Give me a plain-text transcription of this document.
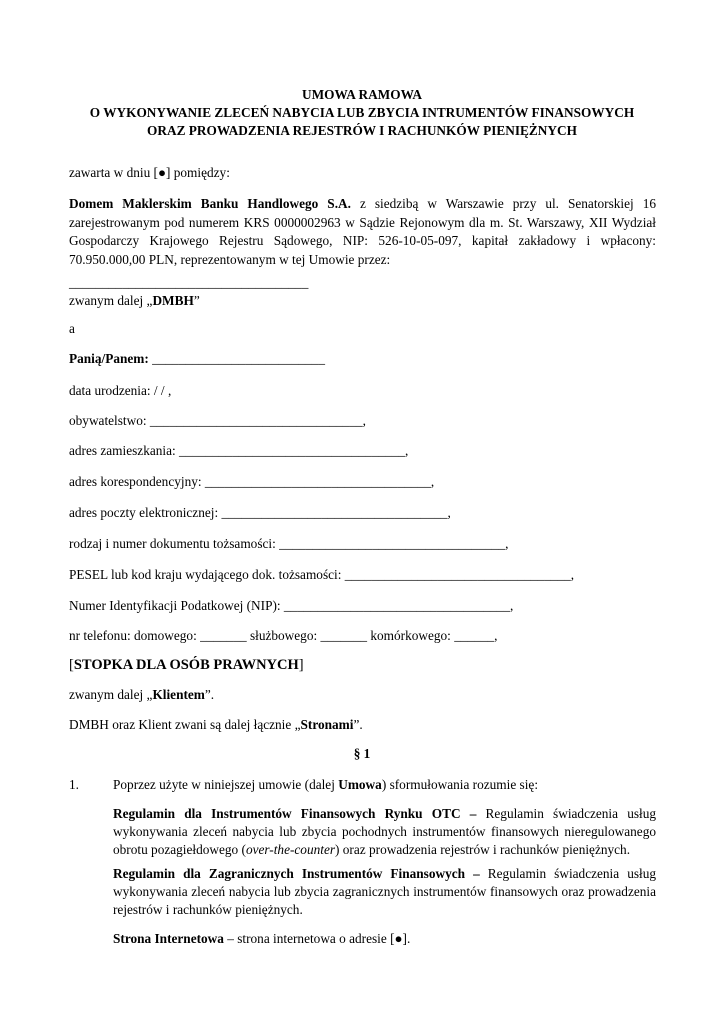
UMOWA RAMOWA
O WYKONYWANIE ZLECEŃ NABYCIA LUB ZBYCIA INTRUMENTÓW FINANSOWYCH
ORAZ PROWADZENIA REJESTRÓW I RACHUNKÓW PIENIĘŻNYCH
zawarta w dniu [●] pomiędzy:
Domem Maklerskim Banku Handlowego S.A. z siedzibą w Warszawie przy ul. Senatorskiej 16 zarejestrowanym pod numerem KRS 0000002963 w Sądzie Rejonowym dla m. St. Warszawy, XII Wydział Gospodarczy Krajowego Rejestru Sądowego, NIP: 526-10-05-097, kapitał zakładowy i wpłacony: 70.950.000,00 PLN, reprezentowanym w tej Umowie przez:
____________________________________
zwanym dalej „DMBH”
a
Panią/Panem: __________________________
data urodzenia: / / ,
obywatelstwo: ________________________________,
adres zamieszkania: __________________________________,
adres korespondencyjny: __________________________________,
adres poczty elektronicznej: __________________________________,
rodzaj i numer dokumentu tożsamości: __________________________________,
PESEL lub kod kraju wydającego dok. tożsamości: __________________________________,
Numer Identyfikacji Podatkowej (NIP): __________________________________,
nr telefonu: domowego: _______ służbowego: _______ komórkowego: ______,
[STOPKA DLA OSÓB PRAWNYCH]
zwanym dalej „Klientem”.
DMBH oraz Klient zwani są dalej łącznie „Stronami”.
§ 1
1.	Poprzez użyte w niniejszej umowie (dalej Umowa) sformułowania rozumie się:
Regulamin dla Instrumentów Finansowych Rynku OTC – Regulamin świadczenia usług wykonywania zleceń nabycia lub zbycia pochodnych instrumentów finansowych nieregulowanego obrotu pozagiełdowego (over-the-counter) oraz prowadzenia rejestrów i rachunków pieniężnych.
Regulamin dla Zagranicznych Instrumentów Finansowych – Regulamin świadczenia usług wykonywania zleceń nabycia lub zbycia zagranicznych instrumentów finansowych oraz prowadzenia rejestrów i rachunków pieniężnych.
Strona Internetowa – strona internetowa o adresie [●].
